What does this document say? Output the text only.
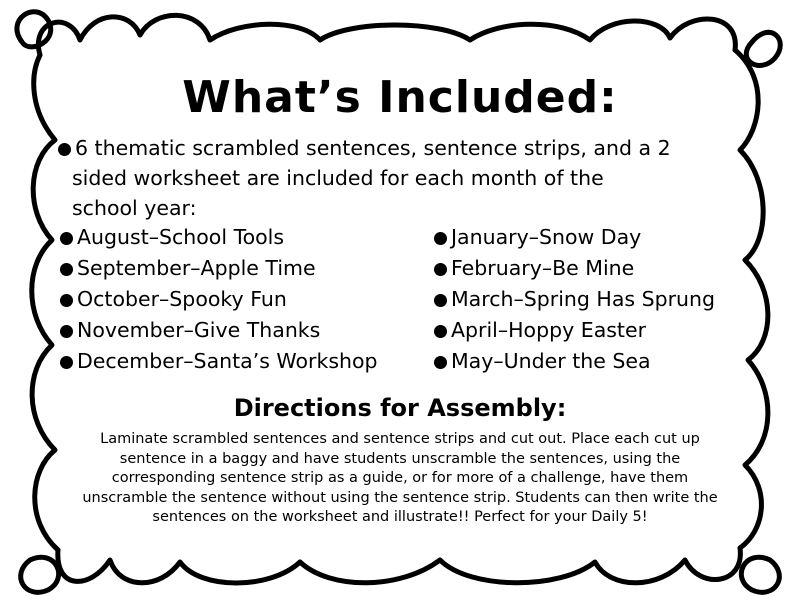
What’s Included:
6 thematic scrambled sentences, sentence strips, and a 2
sided worksheet are included for each month of the
school year:
August–School Tools
September–Apple Time
October–Spooky Fun
November–Give Thanks
December–Santa’s Workshop
January–Snow Day
February–Be Mine
March–Spring Has Sprung
April–Hoppy Easter
May–Under the Sea
Directions for Assembly:
Laminate scrambled sentences and sentence strips and cut out. Place each cut up
sentence in a baggy and have students unscramble the sentences, using the
corresponding sentence strip as a guide, or for more of a challenge, have them
unscramble the sentence without using the sentence strip. Students can then write the
sentences on the worksheet and illustrate!! Perfect for your Daily 5!
